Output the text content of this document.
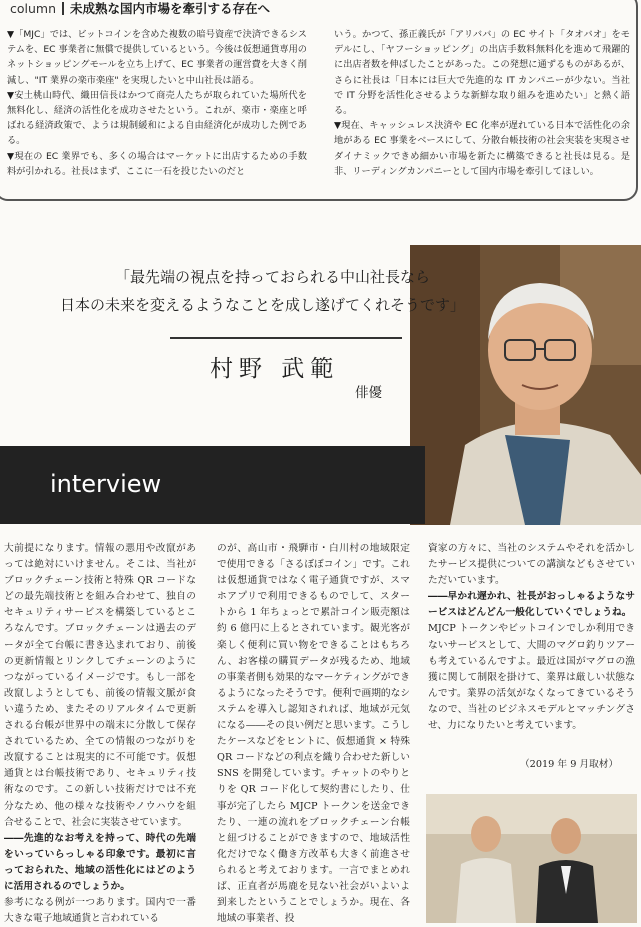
column 未成熟な国内市場を牽引する存在へ

▼「MJC」では、ビットコインを含めた複数の暗号資産で決済できるシステムを、EC 事業者に無償で提供しているという。今後は仮想通貨専用のネットショッピングモールを立ち上げて、EC 事業者の運営費を大きく削減し、"IT 業界の楽市楽座" を実現したいと中山社長は語る。

▼安土桃山時代、織田信長はかつて商売人たちが取られていた場所代を無料化し、経済の活性化を成功させたという。これが、楽市・楽座と呼ばれる経済政策で、ようは規制緩和による自由経済化が成功した例である。

▼現在の EC 業界でも、多くの場合はマーケットに出店するための手数料が引かれる。社長はまず、ここに一石を投じたいのだと

いう。かつて、孫正義氏が「アリババ」の EC サイト「タオバオ」をモデルにし、「ヤフーショッピング」の出店手数料無料化を進めて飛躍的に出店者数を伸ばしたことがあった。この発想に通ずるものがあるが、さらに社長は「日本には巨大で先進的な IT カンパニーが少ない。当社で IT 分野を活性化させるような新鮮な取り組みを進めたい」と熱く語る。

▼現在、キャッシュレス決済や EC 化率が遅れている日本で活性化の余地がある EC 事業をベースにして、分散台帳技術の社会実装を実現させダイナミックできめ細かい市場を新たに構築できると社長は見る。是非、リーディングカンパニーとして国内市場を牽引してほしい。

interview
「最先端の視点を持っておられる中山社長なら
日本の未来を変えるようなことを成し遂げてくれそうです」
村野 武範
俳優

大前提になります。情報の悪用や改竄があっては絶対にいけません。そこは、当社がブロックチェーン技術と特殊 QR コードなどの最先端技術とを組み合わせて、独自のセキュリティサービスを構築しているところなんです。ブロックチェーンは過去のデータが全て台帳に書き込まれており、前後の更新情報とリンクしてチェーンのようにつながっているイメージです。もし一部を改竄しようとしても、前後の情報文脈が食い違うため、またそのリアルタイムで更新される台帳が世界中の端末に分散して保存されているため、全ての情報のつながりを改竄することは現実的に不可能です。仮想通貨とは台帳技術であり、セキュリティ技術なのです。この新しい技術だけでは不充分なため、他の様々な技術やノウハウを組合せることで、社会に実装させています。

――先進的なお考えを持って、時代の先端をいっていらっしゃる印象です。最初に言っておられた、地域の活性化にはどのように活用されるのでしょうか。

参考になる例が一つあります。国内で一番大きな電子地域通貨と言われている

のが、高山市・飛騨市・白川村の地域限定で使用できる「さるぼぼコイン」です。これは仮想通貨ではなく電子通貨ですが、スマホアプリで利用できるものでして、スタートから 1 年ちょっとで累計コイン販売額は約 6 億円に上るとされています。観光客が楽しく便利に買い物をできることはもちろん、お客様の購買データが残るため、地域の事業者側も効果的なマーケティングができるようになったそうです。便利で画期的なシステムを導入し認知されれば、地域が元気になる――その良い例だと思います。こうしたケースなどをヒントに、仮想通貨 × 特殊 QR コードなどの利点を織り合わせた新しい SNS を開発しています。チャットのやりとりを QR コード化して契約書にしたり、仕事が完了したら MJCP トークンを送金できたり、一連の流れをブロックチェーン台帳と紐づけることができますので、地域活性化だけでなく働き方改革も大きく前進させられると考えております。一言でまとめれば、正直者が馬鹿を見ない社会がいよいよ到来したということでしょうか。現在、各地域の事業者、投

資家の方々に、当社のシステムやそれを活かしたサービス提供についての講演などもさせていただいています。

――早かれ遅かれ、社長がおっしゃるようなサービスはどんどん一般化していくでしょうね。

MJCP トークンやビットコインでしか利用できないサービスとして、大間のマグロ釣りツアーも考えているんですよ。最近は国がマグロの漁獲に関して制限を掛けて、業界は厳しい状態なんです。業界の活気がなくなってきているそうなので、当社のビジネスモデルとマッチングさせ、力になりたいと考えています。

（2019 年 9 月取材）
